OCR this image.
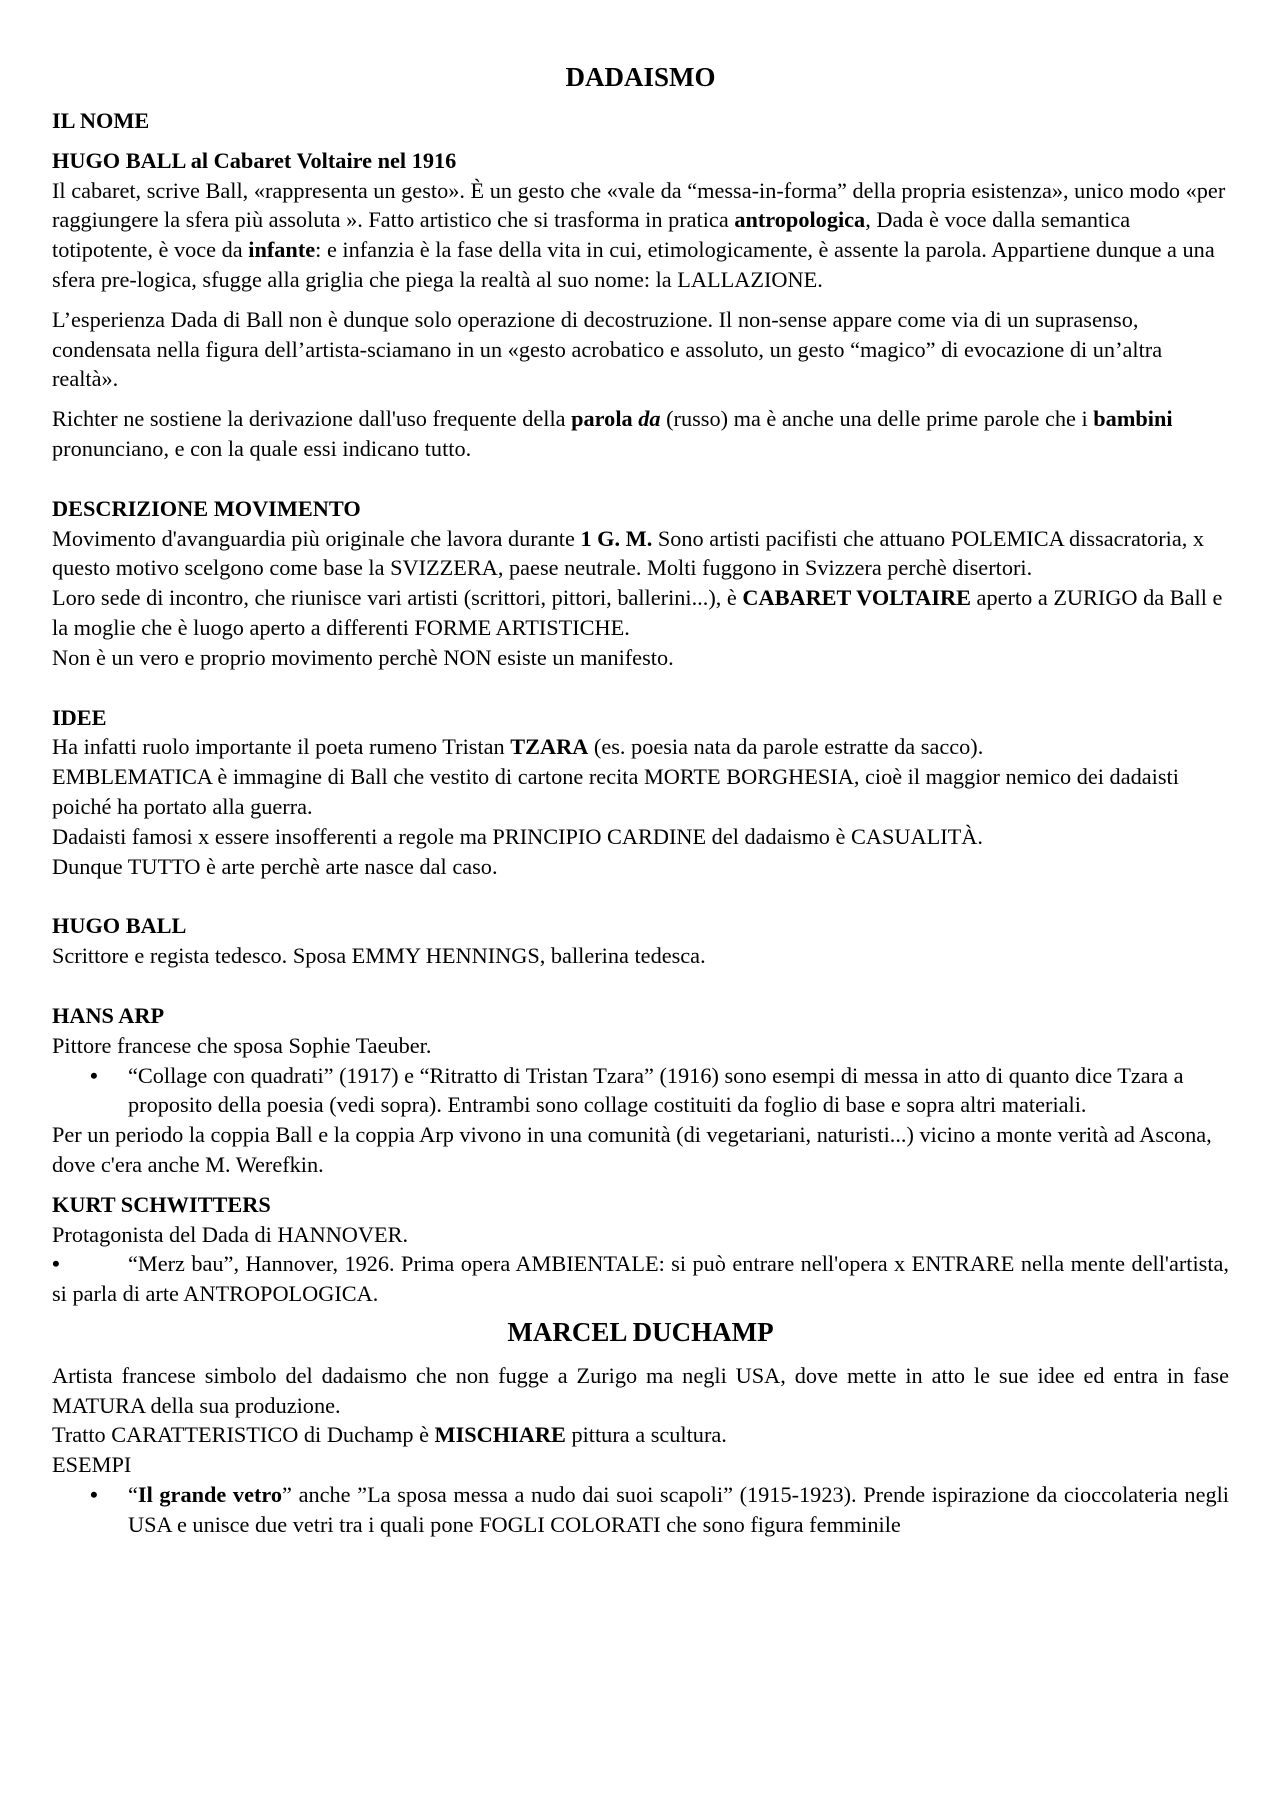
DADAISMO

IL NOME

HUGO BALL al Cabaret Voltaire nel 1916

Il cabaret, scrive Ball, «rappresenta un gesto». È un gesto che «vale da “messa-in-forma” della propria esistenza», unico modo «per raggiungere la sfera più assoluta ». Fatto artistico che si trasforma in pratica antropologica, Dada è voce dalla semantica totipotente, è voce da infante: e infanzia è la fase della vita in cui, etimologicamente, è assente la parola. Appartiene dunque a una sfera pre-logica, sfugge alla griglia che piega la realtà al suo nome: la LALLAZIONE.

L’esperienza Dada di Ball non è dunque solo operazione di decostruzione. Il non-sense appare come via di un suprasenso, condensata nella figura dell’artista-sciamano in un «gesto acrobatico e assoluto, un gesto “magico” di evocazione di un’altra realtà».

Richter ne sostiene la derivazione dall'uso frequente della parola da (russo) ma è anche una delle prime parole che i bambini pronunciano, e con la quale essi indicano tutto.

DESCRIZIONE MOVIMENTO

Movimento d'avanguardia più originale che lavora durante 1 G. M. Sono artisti pacifisti che attuano POLEMICA dissacratoria, x questo motivo scelgono come base la SVIZZERA, paese neutrale. Molti fuggono in Svizzera perchè disertori.

Loro sede di incontro, che riunisce vari artisti (scrittori, pittori, ballerini...), è CABARET VOLTAIRE aperto a ZURIGO da Ball e la moglie che è luogo aperto a differenti FORME ARTISTICHE.

Non è un vero e proprio movimento perchè NON esiste un manifesto.

IDEE

Ha infatti ruolo importante il poeta rumeno Tristan TZARA (es. poesia nata da parole estratte da sacco).

EMBLEMATICA è immagine di Ball che vestito di cartone recita MORTE BORGHESIA, cioè il maggior nemico dei dadaisti poiché ha portato alla guerra.

Dadaisti famosi x essere insofferenti a regole ma PRINCIPIO CARDINE del dadaismo è CASUALITÀ.

Dunque TUTTO è arte perchè arte nasce dal caso.

HUGO BALL

Scrittore e regista tedesco. Sposa EMMY HENNINGS, ballerina tedesca.

HANS ARP

Pittore francese che sposa Sophie Taeuber.

• “Collage con quadrati” (1917) e “Ritratto di Tristan Tzara” (1916) sono esempi di messa in atto di quanto dice Tzara a proposito della poesia (vedi sopra). Entrambi sono collage costituiti da foglio di base e sopra altri materiali.

Per un periodo la coppia Ball e la coppia Arp vivono in una comunità (di vegetariani, naturisti...) vicino a monte verità ad Ascona, dove c'era anche M. Werefkin.

KURT SCHWITTERS

Protagonista del Dada di HANNOVER.

•	“Merz bau”, Hannover, 1926. Prima opera AMBIENTALE: si può entrare nell'opera x ENTRARE nella mente dell'artista, si parla di arte ANTROPOLOGICA.

MARCEL DUCHAMP

Artista francese simbolo del dadaismo che non fugge a Zurigo ma negli USA, dove mette in atto le sue idee ed entra in fase MATURA della sua produzione.

Tratto CARATTERISTICO di Duchamp è MISCHIARE pittura a scultura.

ESEMPI

• “Il grande vetro” anche ”La sposa messa a nudo dai suoi scapoli” (1915-1923). Prende ispirazione da cioccolateria negli USA e unisce due vetri tra i quali pone FOGLI COLORATI che sono figura femminile
